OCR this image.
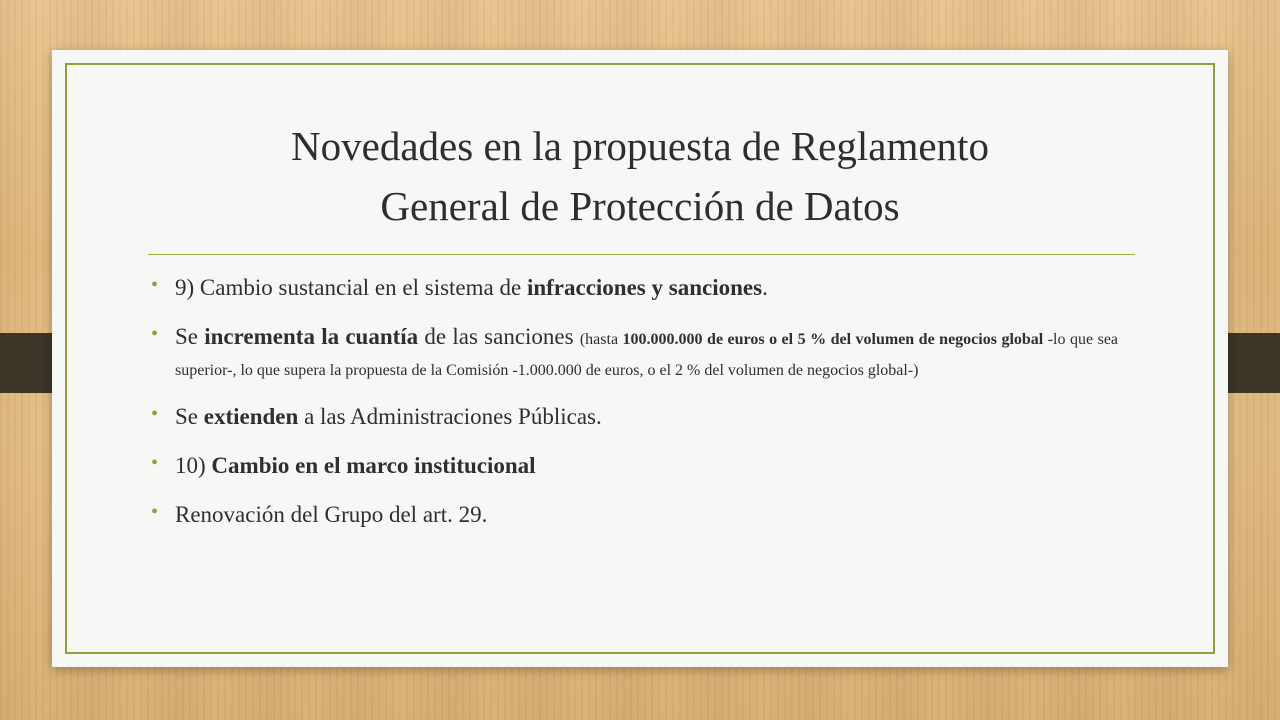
Novedades en la propuesta de Reglamento
General de Protección de Datos
• 9) Cambio sustancial en el sistema de infracciones y sanciones.
• Se incrementa la cuantía de las sanciones (hasta 100.000.000 de euros o el 5 % del volumen de negocios global -lo que sea superior-, lo que supera la propuesta de la Comisión -1.000.000 de euros, o el 2 % del volumen de negocios global-)
• Se extienden a las Administraciones Públicas.
• 10) Cambio en el marco institucional
• Renovación del Grupo del art. 29.
